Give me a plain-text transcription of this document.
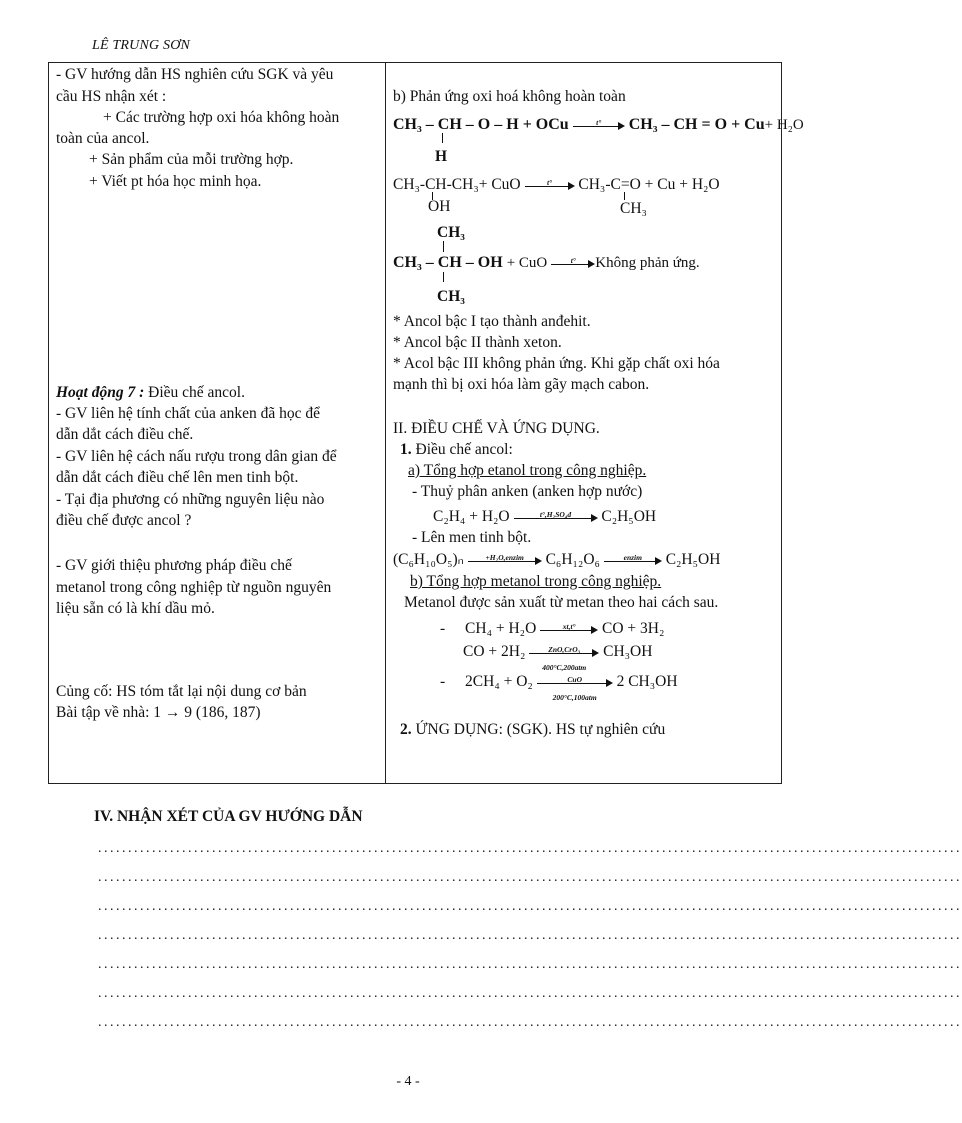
LÊ TRUNG SƠN
- GV hướng dẫn HS nghiên cứu SGK và yêu
cầu HS nhận xét :
+ Các trường hợp oxi hóa không hoàn
toàn của ancol.
+ Sản phẩm của mỗi trường hợp.
+ Viết pt hóa học minh họa.
Hoạt động 7 : Điều chế ancol.
- GV liên hệ tính chất của anken đã học để
dẫn dắt cách điều chế.
- GV liên hệ cách nấu rượu trong dân gian để
dẫn dắt cách điều chế lên men tinh bột.
- Tại địa phương có những nguyên liệu nào
điều chế được ancol ?
- GV giới thiệu phương pháp điều chế
metanol trong công nghiệp từ nguồn nguyên
liệu sẵn có là khí dầu mỏ.
Củng cố: HS tóm tắt lại nội dung cơ bản
Bài tập về nhà: 1 → 9 (186, 187)
b) Phản ứng oxi hoá không hoàn toàn
CH₃ – CH – O – H + OCu	t°	CH₃ – CH = O + Cu+ H₂O
H
CH₃-CH-CH₃+ CuO	t°	CH₃-C=O + Cu + H₂O
OH	CH₃
CH₃
CH₃ – CH – OH + CuO	t°	Không phản ứng.
CH₃
* Ancol bậc I tạo thành anđehit.
* Ancol bậc II thành xeton.
* Acol bậc III không phản ứng. Khi gặp chất oxi hóa
mạnh thì bị oxi hóa làm gãy mạch cabon.
II. ĐIỀU CHẾ VÀ ỨNG DỤNG.
1. Điều chế ancol:
a) Tổng hợp etanol trong công nghiệp.
- Thuỷ phân anken (anken hợp nước)
C₂H₄ + H₂O	t°,H₂SO₄đ	C₂H₅OH
- Lên men tinh bột.
(C₆H₁₀O₅)ₙ	+H₂O,enzim	C₆H₁₂O₆	enzim	C₂H₅OH
b) Tổng hợp metanol trong công nghiệp.
Metanol được sản xuất từ metan theo hai cách sau.
- CH₄ + H₂O	xt,t°	CO + 3H₂
CO + 2H₂	ZnO,CrO₃
400°C,200atm
CH₃OH
- 2CH₄ + O₂	CuO
200°C,100atm
2 CH₃OH
2. ỨNG DỤNG: (SGK). HS tự nghiên cứu
IV. NHẬN XÉT CỦA GV HƯỚNG DẪN
................................................................................................................................................
................................................................................................................................................
................................................................................................................................................
................................................................................................................................................
................................................................................................................................................
................................................................................................................................................
................................................................................................................................................
- 4 -
